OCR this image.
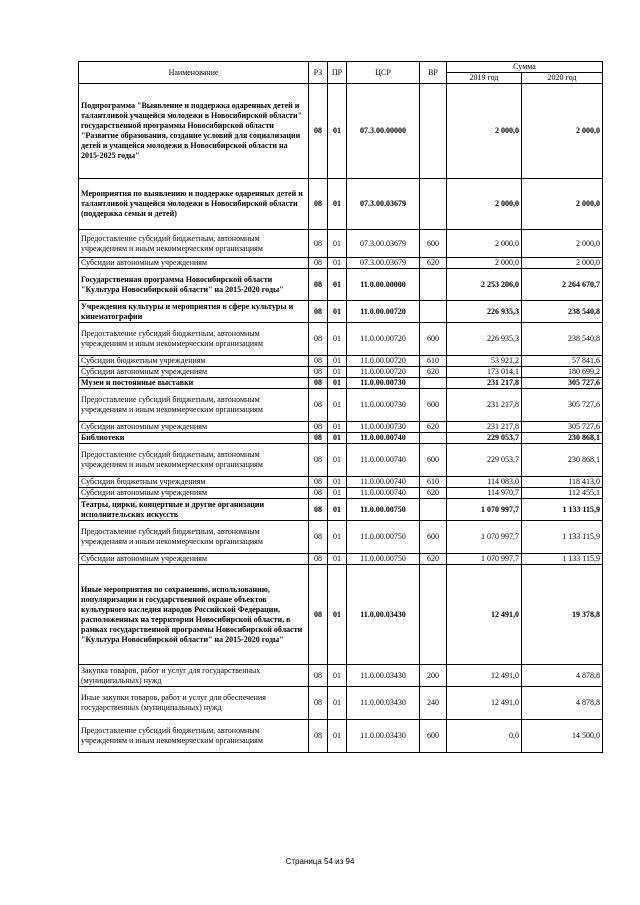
Наименование	РЗ	ПР	ЦСР	ВР	Сумма	
					2019 год	2020 год
Подпрограмма "Выявление и поддержка одаренных детей и талантливой учащейся молодежи в Новосибирской области" государственной программы Новосибирской области "Развитие образования, создание условий для социализации детей и учащейся молодежи в Новосибирской области на 2015-2025 годы"	08	01	07.3.00.00000		2 000,0	2 000,0
Мероприятия по выявлению и поддержке одаренных детей и талантливой учащейся молодежи в Новосибирской области (поддержка семьи и детей)	08	01	07.3.00.03679		2 000,0	2 000,0
Предоставление субсидий бюджетным, автономным учреждениям и иным некоммерческим организациям	08	01	07.3.00.03679	600	2 000,0	2 000,0
Субсидии автономным учреждениям	08	01	07.3.00.03679	620	2 000,0	2 000,0
Государственная программа Новосибирской области "Культура Новосибирской области" на 2015-2020 годы"	08	01	11.0.00.00000		2 253 206,0	2 264 670,7
Учреждения культуры и мероприятия в сфере культуры и кинематографии	08	01	11.0.00.00720		226 935,3	238 540,8
Предоставление субсидий бюджетным, автономным учреждениям и иным некоммерческим организациям	08	01	11.0.00.00720	600	226 935,3	238 540,8
Субсидии бюджетным учреждениям	08	01	11.0.00.00720	610	53 921,2	57 841,6
Субсидии автономным учреждениям	08	01	11.0.00.00720	620	173 014,1	180 699,2
Музеи и постоянные выставки	08	01	11.0.00.00730		231 217,8	305 727,6
Предоставление субсидий бюджетным, автономным учреждениям и иным некоммерческим организациям	08	01	11.0.00.00730	600	231 217,8	305 727,6
Субсидии автономным учреждениям	08	01	11.0.00.00730	620	231 217,8	305 727,6
Библиотеки	08	01	11.0.00.00740		229 053,7	230 868,1
Предоставление субсидий бюджетным, автономным учреждениям и иным некоммерческим организациям	08	01	11.0.00.00740	600	229 053,7	230 868,1
Субсидии бюджетным учреждениям	08	01	11.0.00.00740	610	114 083,0	118 413,0
Субсидии автономным учреждениям	08	01	11.0.00.00740	620	114 970,7	112 455,1
Театры, цирки, концертные и другие организации исполнительских искусств	08	01	11.0.00.00750		1 070 997,7	1 133 115,9
Предоставление субсидий бюджетным, автономным учреждениям и иным некоммерческим организациям	08	01	11.0.00.00750	600	1 070 997,7	1 133 115,9
Субсидии автономным учреждениям	08	01	11.0.00.00750	620	1 070 997,7	1 133 115,9
Иные мероприятия по сохранению, использованию, популяризации и государственной охране объектов культурного наследия народов Российской Федерации, расположенных на территории Новосибирской области, в рамках государственной программы Новосибирской области "Культура Новосибирской области" на 2015-2020 годы"	08	01	11.0.00.03430		12 491,0	19 378,8
Закупка товаров, работ и услуг для государственных (муниципальных) нужд	08	01	11.0.00.03430	200	12 491,0	4 878,8
Иные закупки товаров, работ и услуг для обеспечения государственных (муниципальных) нужд	08	01	11.0.00.03430	240	12 491,0	4 878,8
Предоставление субсидий бюджетным, автономным учреждениям и иным некоммерческим организациям	08	01	11.0.00.03430	600	0,0	14 500,0
Страница 54 из 94
